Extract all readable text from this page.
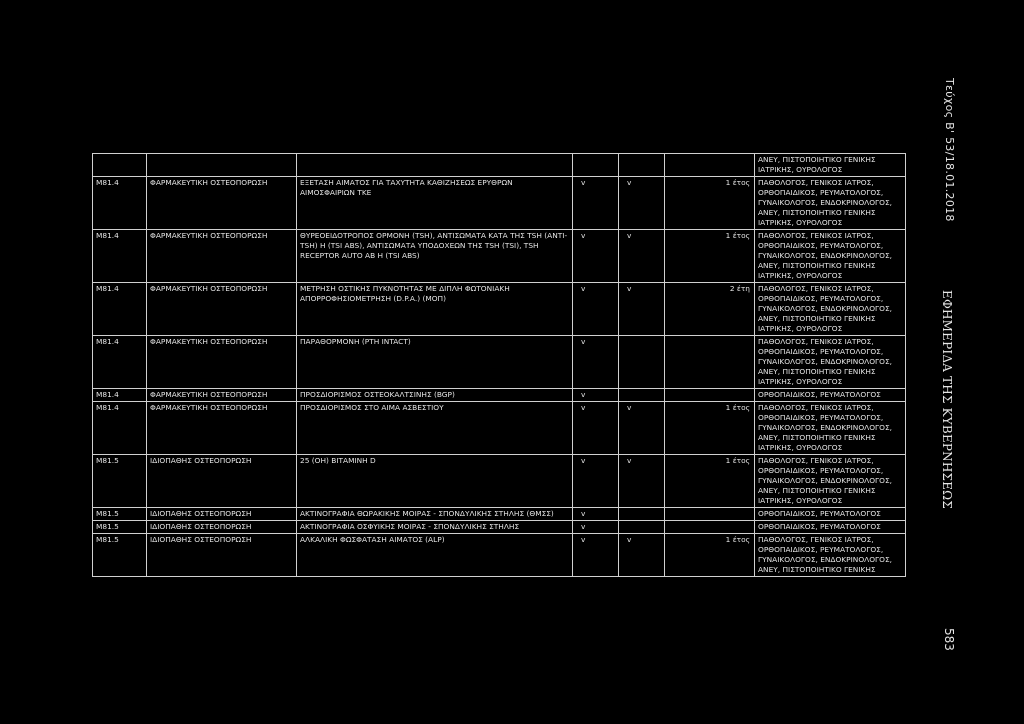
						ΑΝΕΥ, ΠΙΣΤΟΠΟΙΗΤΙΚΟ ΓΕΝΙΚΗΣ
ΙΑΤΡΙΚΗΣ, ΟΥΡΟΛΟΓΟΣ
M81.4	ΦΑΡΜΑΚΕΥΤΙΚΗ ΟΣΤΕΟΠΟΡΩΣΗ	ΕΞΕΤΑΣΗ ΑΙΜΑΤΟΣ ΓΙΑ ΤΑΧΥΤΗΤΑ ΚΑΘΙΖΗΣΕΩΣ ΕΡΥΘΡΩΝ ΑΙΜΟΣΦΑΙΡΙΩΝ ΤΚΕ	v	v	1 έτος	ΠΑΘΟΛΟΓΟΣ, ΓΕΝΙΚΟΣ ΙΑΤΡΟΣ,
ΟΡΘΟΠΑΙΔΙΚΟΣ, ΡΕΥΜΑΤΟΛΟΓΟΣ,
ΓΥΝΑΙΚΟΛΟΓΟΣ, ΕΝΔΟΚΡΙΝΟΛΟΓΟΣ,
ΑΝΕΥ, ΠΙΣΤΟΠΟΙΗΤΙΚΟ ΓΕΝΙΚΗΣ
ΙΑΤΡΙΚΗΣ, ΟΥΡΟΛΟΓΟΣ
M81.4	ΦΑΡΜΑΚΕΥΤΙΚΗ ΟΣΤΕΟΠΟΡΩΣΗ	ΘΥΡΕΟΕΙΔΟΤΡΟΠΟΣ ΟΡΜΟΝΗ (TSH), ΑΝΤΙΣΩΜΑΤΑ ΚΑΤΑ ΤΗΣ TSH (ANTI-TSH) Η (TSI ABS), ΑΝΤΙΣΩΜΑΤΑ ΥΠΟΔΟΧΕΩΝ ΤΗΣ TSH (TSI), TSH RECEPTOR AUTO AB Η (TSI ABS)	v	v	1 έτος	ΠΑΘΟΛΟΓΟΣ, ΓΕΝΙΚΟΣ ΙΑΤΡΟΣ,
ΟΡΘΟΠΑΙΔΙΚΟΣ, ΡΕΥΜΑΤΟΛΟΓΟΣ,
ΓΥΝΑΙΚΟΛΟΓΟΣ, ΕΝΔΟΚΡΙΝΟΛΟΓΟΣ,
ΑΝΕΥ, ΠΙΣΤΟΠΟΙΗΤΙΚΟ ΓΕΝΙΚΗΣ
ΙΑΤΡΙΚΗΣ, ΟΥΡΟΛΟΓΟΣ
M81.4	ΦΑΡΜΑΚΕΥΤΙΚΗ ΟΣΤΕΟΠΟΡΩΣΗ	ΜΕΤΡΗΣΗ ΟΣΤΙΚΗΣ ΠΥΚΝΟΤΗΤΑΣ ΜΕ ΔΙΠΛΗ ΦΩΤΟΝΙΑΚΗ ΑΠΟΡΡΟΦΗΣΙΟΜΕΤΡΗΣΗ (D.P.A.) (ΜΟΠ)	v	v	2 έτη	ΠΑΘΟΛΟΓΟΣ, ΓΕΝΙΚΟΣ ΙΑΤΡΟΣ,
ΟΡΘΟΠΑΙΔΙΚΟΣ, ΡΕΥΜΑΤΟΛΟΓΟΣ,
ΓΥΝΑΙΚΟΛΟΓΟΣ, ΕΝΔΟΚΡΙΝΟΛΟΓΟΣ,
ΑΝΕΥ, ΠΙΣΤΟΠΟΙΗΤΙΚΟ ΓΕΝΙΚΗΣ
ΙΑΤΡΙΚΗΣ, ΟΥΡΟΛΟΓΟΣ
M81.4	ΦΑΡΜΑΚΕΥΤΙΚΗ ΟΣΤΕΟΠΟΡΩΣΗ	ΠΑΡΑΘΟΡΜΟΝΗ (PTH INTACT)	v			ΠΑΘΟΛΟΓΟΣ, ΓΕΝΙΚΟΣ ΙΑΤΡΟΣ,
ΟΡΘΟΠΑΙΔΙΚΟΣ, ΡΕΥΜΑΤΟΛΟΓΟΣ,
ΓΥΝΑΙΚΟΛΟΓΟΣ, ΕΝΔΟΚΡΙΝΟΛΟΓΟΣ,
ΑΝΕΥ, ΠΙΣΤΟΠΟΙΗΤΙΚΟ ΓΕΝΙΚΗΣ
ΙΑΤΡΙΚΗΣ, ΟΥΡΟΛΟΓΟΣ
M81.4	ΦΑΡΜΑΚΕΥΤΙΚΗ ΟΣΤΕΟΠΟΡΩΣΗ	ΠΡΟΣΔΙΟΡΙΣΜΟΣ ΟΣΤΕΟΚΑΛΤΣΙΝΗΣ (BGP)	v			ΟΡΘΟΠΑΙΔΙΚΟΣ, ΡΕΥΜΑΤΟΛΟΓΟΣ
M81.4	ΦΑΡΜΑΚΕΥΤΙΚΗ ΟΣΤΕΟΠΟΡΩΣΗ	ΠΡΟΣΔΙΟΡΙΣΜΟΣ ΣΤΟ ΑΙΜΑ ΑΣΒΕΣΤΙΟΥ	v	v	1 έτος	ΠΑΘΟΛΟΓΟΣ, ΓΕΝΙΚΟΣ ΙΑΤΡΟΣ,
ΟΡΘΟΠΑΙΔΙΚΟΣ, ΡΕΥΜΑΤΟΛΟΓΟΣ,
ΓΥΝΑΙΚΟΛΟΓΟΣ, ΕΝΔΟΚΡΙΝΟΛΟΓΟΣ,
ΑΝΕΥ, ΠΙΣΤΟΠΟΙΗΤΙΚΟ ΓΕΝΙΚΗΣ
ΙΑΤΡΙΚΗΣ, ΟΥΡΟΛΟΓΟΣ
M81.5	ΙΔΙΟΠΑΘΗΣ ΟΣΤΕΟΠΟΡΩΣΗ	25 (OH) ΒΙΤΑΜΙΝΗ D	v	v	1 έτος	ΠΑΘΟΛΟΓΟΣ, ΓΕΝΙΚΟΣ ΙΑΤΡΟΣ,
ΟΡΘΟΠΑΙΔΙΚΟΣ, ΡΕΥΜΑΤΟΛΟΓΟΣ,
ΓΥΝΑΙΚΟΛΟΓΟΣ, ΕΝΔΟΚΡΙΝΟΛΟΓΟΣ,
ΑΝΕΥ, ΠΙΣΤΟΠΟΙΗΤΙΚΟ ΓΕΝΙΚΗΣ
ΙΑΤΡΙΚΗΣ, ΟΥΡΟΛΟΓΟΣ
M81.5	ΙΔΙΟΠΑΘΗΣ ΟΣΤΕΟΠΟΡΩΣΗ	ΑΚΤΙΝΟΓΡΑΦΙΑ ΘΩΡΑΚΙΚΗΣ ΜΟΙΡΑΣ - ΣΠΟΝΔΥΛΙΚΗΣ ΣΤΗΛΗΣ (ΘΜΣΣ)	v			ΟΡΘΟΠΑΙΔΙΚΟΣ, ΡΕΥΜΑΤΟΛΟΓΟΣ
M81.5	ΙΔΙΟΠΑΘΗΣ ΟΣΤΕΟΠΟΡΩΣΗ	ΑΚΤΙΝΟΓΡΑΦΙΑ ΟΣΦΥΙΚΗΣ ΜΟΙΡΑΣ - ΣΠΟΝΔΥΛΙΚΗΣ ΣΤΗΛΗΣ	v			ΟΡΘΟΠΑΙΔΙΚΟΣ, ΡΕΥΜΑΤΟΛΟΓΟΣ
M81.5	ΙΔΙΟΠΑΘΗΣ ΟΣΤΕΟΠΟΡΩΣΗ	ΑΛΚΑΛΙΚΗ ΦΩΣΦΑΤΑΣΗ ΑΙΜΑΤΟΣ (ALP)	v	v	1 έτος	ΠΑΘΟΛΟΓΟΣ, ΓΕΝΙΚΟΣ ΙΑΤΡΟΣ,
ΟΡΘΟΠΑΙΔΙΚΟΣ, ΡΕΥΜΑΤΟΛΟΓΟΣ,
ΓΥΝΑΙΚΟΛΟΓΟΣ, ΕΝΔΟΚΡΙΝΟΛΟΓΟΣ,
ΑΝΕΥ, ΠΙΣΤΟΠΟΙΗΤΙΚΟ ΓΕΝΙΚΗΣ
Τεύχος Β' 53/18.01.2018
ΕΦΗΜΕΡΙΔΑ ΤΗΣ ΚΥΒΕΡΝΗΣΕΩΣ
583
